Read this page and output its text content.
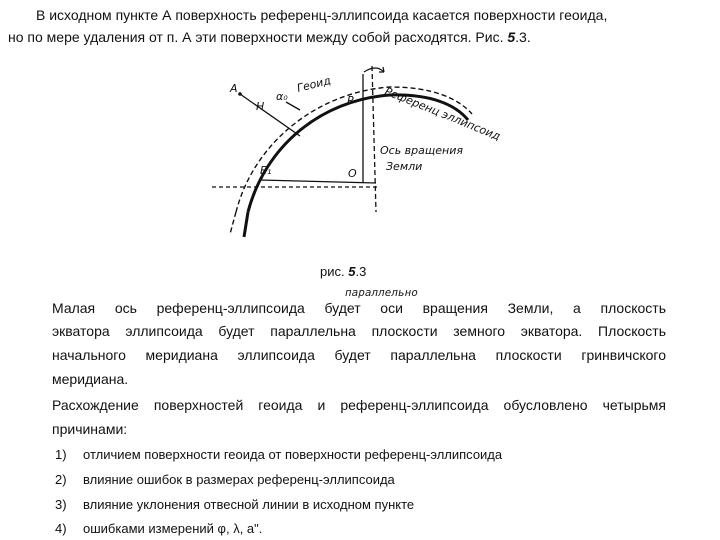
В исходном пункте А поверхность референц-эллипсоида касается поверхности геоида,
но по мере удаления от п. А эти поверхности между собой расходятся. Рис. 5.3.
A
H
α₀
Геоид
P	Референц эллипсоид
Ось вращения
Земли
E₁	O
рис. 5.3
параллельно
Малая ось референц-эллипсоида будет оси вращения Земли, а плоскость
экватора эллипсоида будет параллельна плоскости земного экватора. Плоскость
начального меридиана эллипсоида будет параллельна плоскости гринвичского
меридиана.
Расхождение поверхностей геоида и референц-эллипсоида обусловлено четырьмя
причинами:
1) отличием поверхности геоида от поверхности референц-эллипсоида
2) влияние ошибок в размерах референц-эллипсоида
3) влияние уклонения отвесной линии в исходном пункте
4) ошибками измерений φ, λ, а".
